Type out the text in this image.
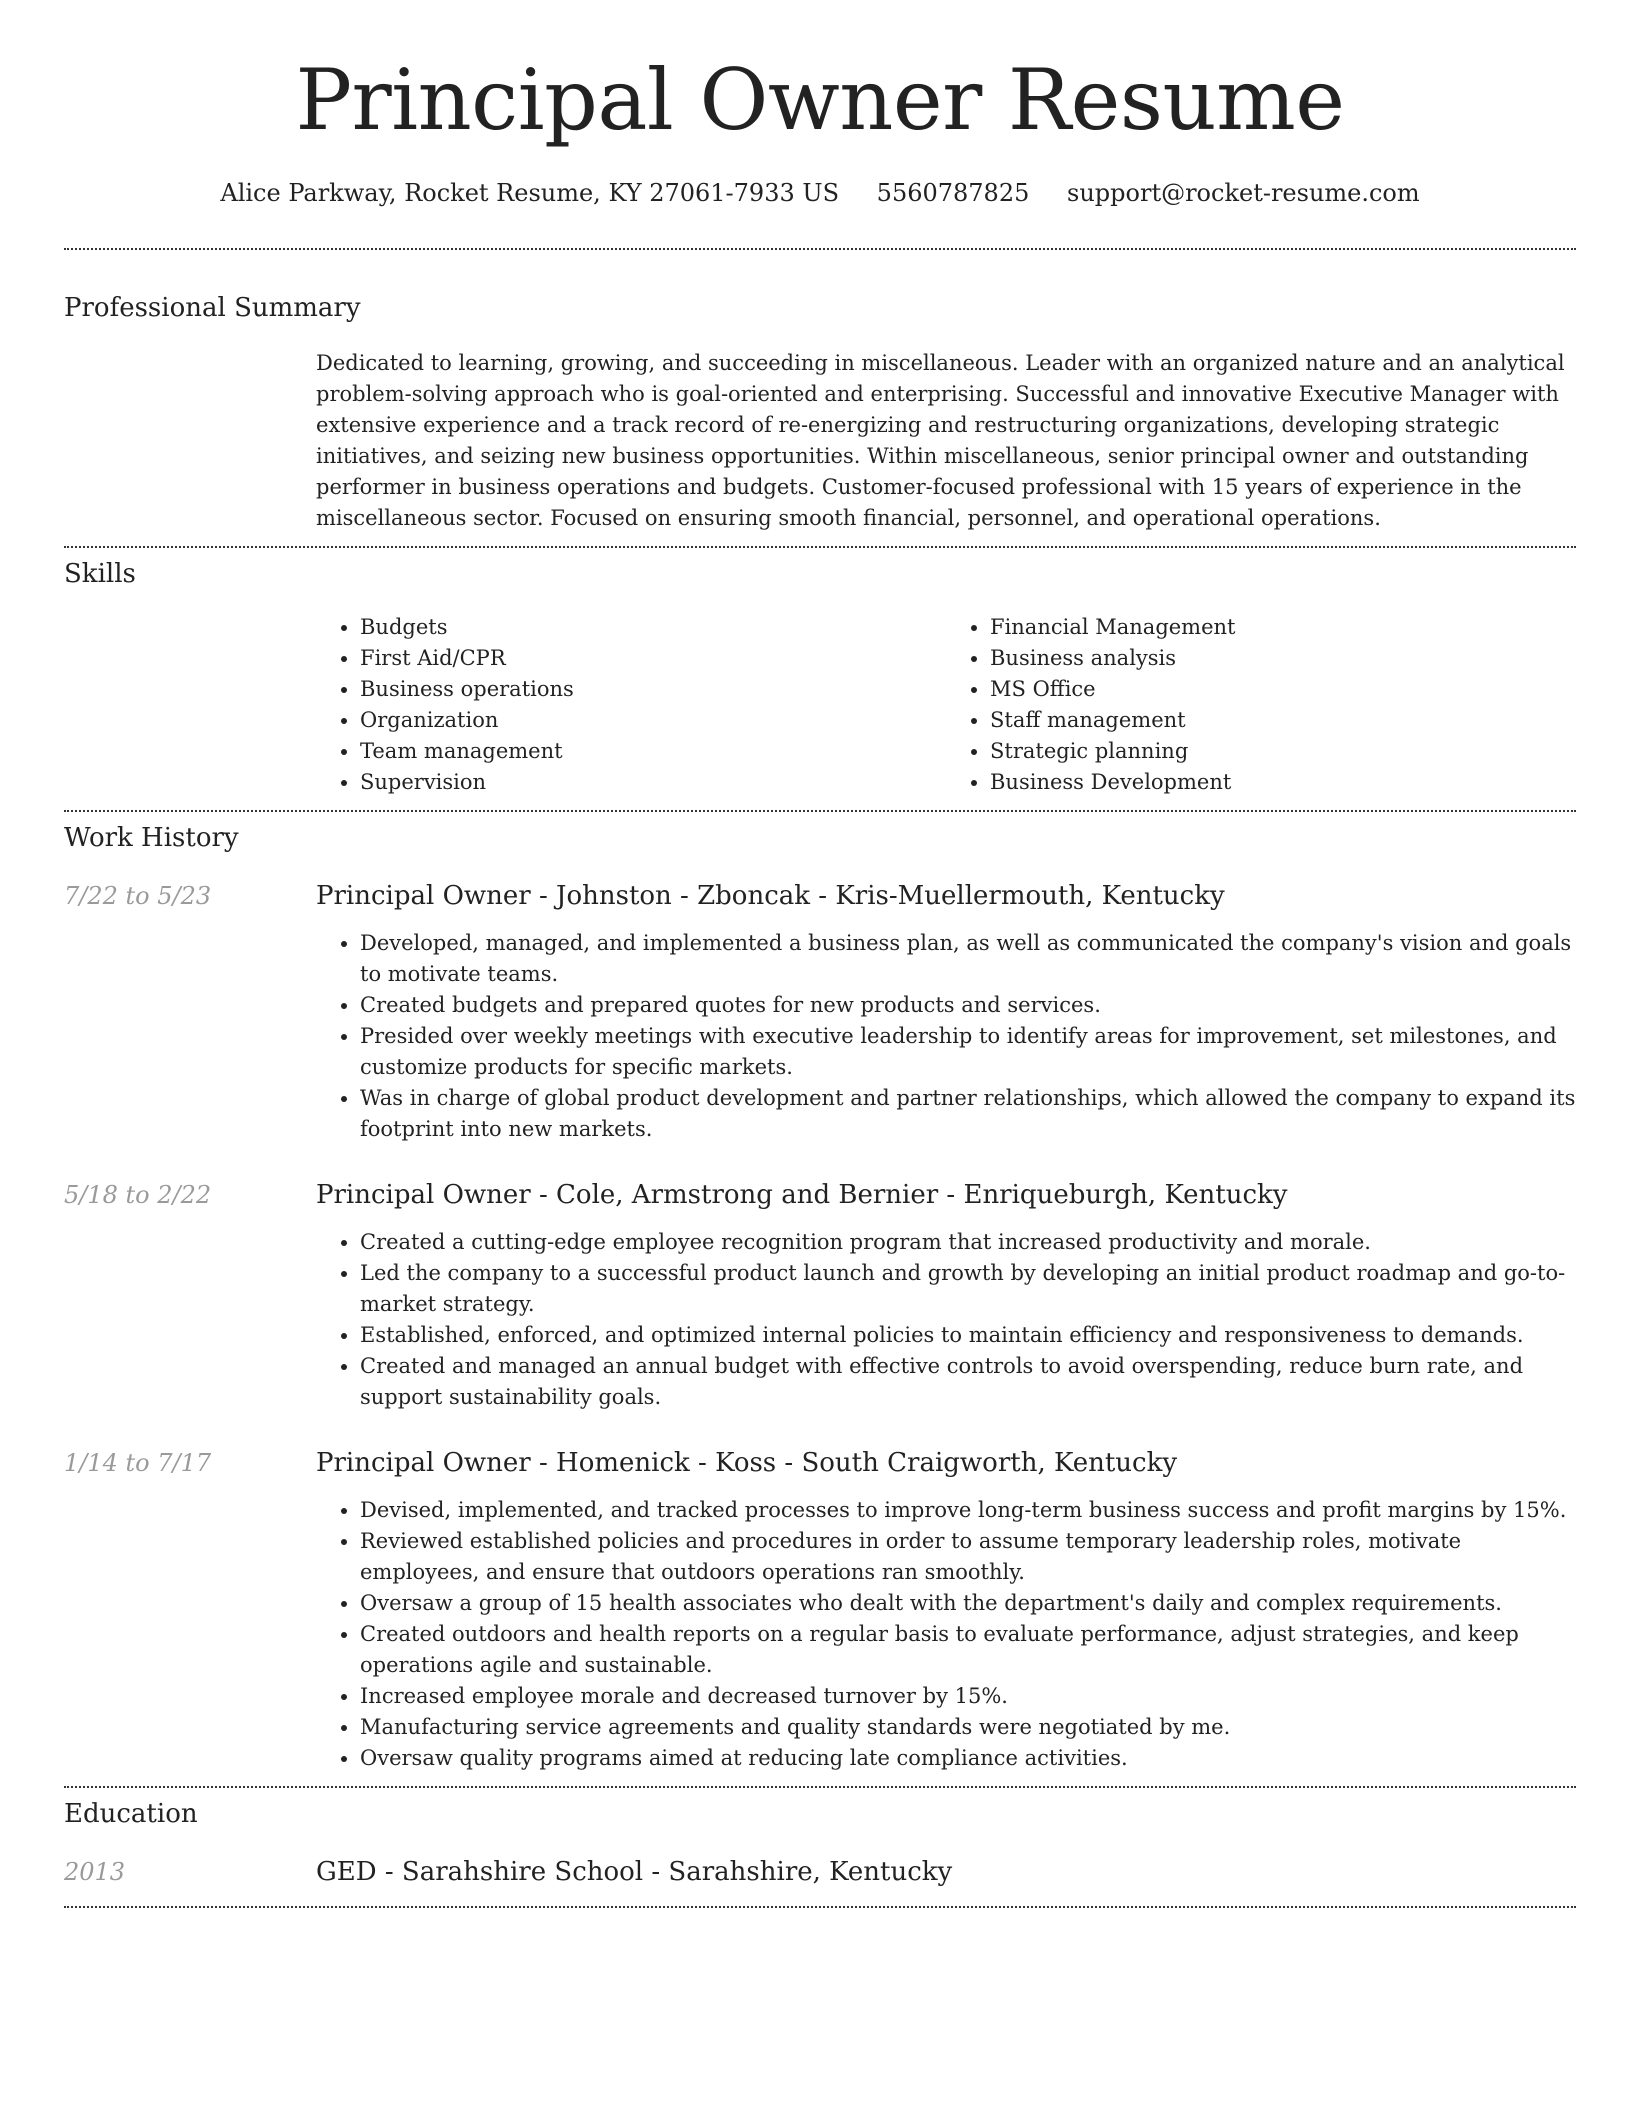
Principal Owner Resume
Alice Parkway, Rocket Resume, KY 27061-7933 US 5560787825 support@rocket-resume.com
Professional Summary
Dedicated to learning, growing, and succeeding in miscellaneous. Leader with an organized nature and an analytical problem-solving approach who is goal-oriented and enterprising. Successful and innovative Executive Manager with extensive experience and a track record of re-energizing and restructuring organizations, developing strategic initiatives, and seizing new business opportunities. Within miscellaneous, senior principal owner and outstanding performer in business operations and budgets. Customer-focused professional with 15 years of experience in the miscellaneous sector. Focused on ensuring smooth financial, personnel, and operational operations.
Skills
• Budgets
• First Aid/CPR
• Business operations
• Organization
• Team management
• Supervision
• Financial Management
• Business analysis
• MS Office
• Staff management
• Strategic planning
• Business Development
Work History
7/22 to 5/23	Principal Owner - Johnston - Zboncak - Kris-Muellermouth, Kentucky
• Developed, managed, and implemented a business plan, as well as communicated the company's vision and goals to motivate teams.
• Created budgets and prepared quotes for new products and services.
• Presided over weekly meetings with executive leadership to identify areas for improvement, set milestones, and customize products for specific markets.
• Was in charge of global product development and partner relationships, which allowed the company to expand its footprint into new markets.
5/18 to 2/22	Principal Owner - Cole, Armstrong and Bernier - Enriqueburgh, Kentucky
• Created a cutting-edge employee recognition program that increased productivity and morale.
• Led the company to a successful product launch and growth by developing an initial product roadmap and go-to-market strategy.
• Established, enforced, and optimized internal policies to maintain efficiency and responsiveness to demands.
• Created and managed an annual budget with effective controls to avoid overspending, reduce burn rate, and support sustainability goals.
1/14 to 7/17	Principal Owner - Homenick - Koss - South Craigworth, Kentucky
• Devised, implemented, and tracked processes to improve long-term business success and profit margins by 15%.
• Reviewed established policies and procedures in order to assume temporary leadership roles, motivate employees, and ensure that outdoors operations ran smoothly.
• Oversaw a group of 15 health associates who dealt with the department's daily and complex requirements.
• Created outdoors and health reports on a regular basis to evaluate performance, adjust strategies, and keep operations agile and sustainable.
• Increased employee morale and decreased turnover by 15%.
• Manufacturing service agreements and quality standards were negotiated by me.
• Oversaw quality programs aimed at reducing late compliance activities.
Education
2013	GED - Sarahshire School - Sarahshire, Kentucky
